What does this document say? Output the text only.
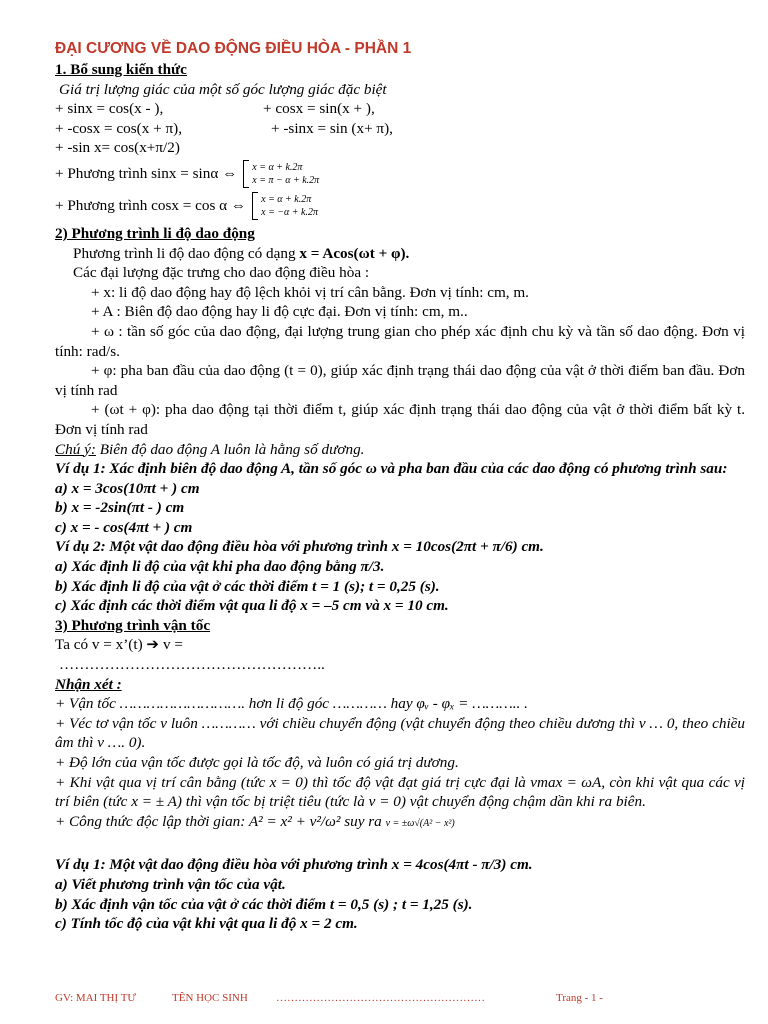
ĐẠI CƯƠNG VỀ DAO ĐỘNG ĐIỀU HÒA - PHẦN 1
1. Bổ sung kiến thức
Giá trị lượng giác của một số góc lượng giác đặc biệt
+ sinx = cos(x - ),	+ cosx = sin(x + ),
+ -cosx = cos(x + π),	+ -sinx = sin (x+ π),
+ -sin x= cos(x+π/2)
+ Phương trình sinx = sinα ⇔ x = α + k.2π
x = π − α + k.2π
+ Phương trình cosx = cos α ⇔ x = α + k.2π
x = −α + k.2π
2) Phương trình li độ dao động
Phương trình li độ dao động có dạng x = Acos(ωt + φ).
Các đại lượng đặc trưng cho dao động điều hòa :
+ x: li độ dao động hay độ lệch khỏi vị trí cân bằng. Đơn vị tính: cm, m.
+ A : Biên độ dao động hay li độ cực đại. Đơn vị tính: cm, m..
+ ω : tần số góc của dao động, đại lượng trung gian cho phép xác định chu kỳ và tần số dao động. Đơn vị tính: rad/s.
+ φ: pha ban đầu của dao động (t = 0), giúp xác định trạng thái dao động của vật ở thời điểm ban đầu. Đơn vị tính rad
+ (ωt + φ): pha dao động tại thời điểm t, giúp xác định trạng thái dao động của vật ở thời điểm bất kỳ t. Đơn vị tính rad
Chú ý: Biên độ dao động A luôn là hằng số dương.
Ví dụ 1: Xác định biên độ dao động A, tần số góc ω và pha ban đầu của các dao động có phương trình sau:
a) x = 3cos(10πt + ) cm
b) x = -2sin(πt - ) cm
c) x = - cos(4πt + ) cm
Ví dụ 2: Một vật dao động điều hòa với phương trình x = 10cos(2πt + π/6) cm.
a) Xác định li độ của vật khi pha dao động bằng π/3.
b) Xác định li độ của vật ở các thời điểm t = 1 (s); t = 0,25 (s).
c) Xác định các thời điểm vật qua li độ x = –5 cm và x = 10 cm.
3) Phương trình vận tốc
Ta có v = x’(t) ➔ v =
……………………………………………..
Nhận xét :
+ Vận tốc ………………………. hơn li độ góc ………… hay φᵥ - φₓ = ……….. .
+ Véc tơ vận tốc v luôn ………… với chiều chuyển động (vật chuyển động theo chiều dương thì v … 0, theo chiều âm thì v …. 0).
+ Độ lớn của vận tốc được gọi là tốc độ, và luôn có giá trị dương.
+ Khi vật qua vị trí cân bằng (tức x = 0) thì tốc độ vật đạt giá trị cực đại là vmax = ωA, còn khi vật qua các vị trí biên (tức x = ± A) thì vận tốc bị triệt tiêu (tức là v = 0) vật chuyển động chậm dần khi ra biên.
+ Công thức độc lập thời gian: A² = x² + v²/ω² suy ra v = ±ω√(A² − x²)
Ví dụ 1: Một vật dao động điều hòa với phương trình x = 4cos(4πt - π/3) cm.
a) Viết phương trình vận tốc của vật.
b) Xác định vận tốc của vật ở các thời điểm t = 0,5 (s) ; t = 1,25 (s).
c) Tính tốc độ của vật khi vật qua li độ x = 2 cm.
GV: MAI THỊ TƯ	TÊN HỌC SINH	…………………………………………………	Trang - 1 -
